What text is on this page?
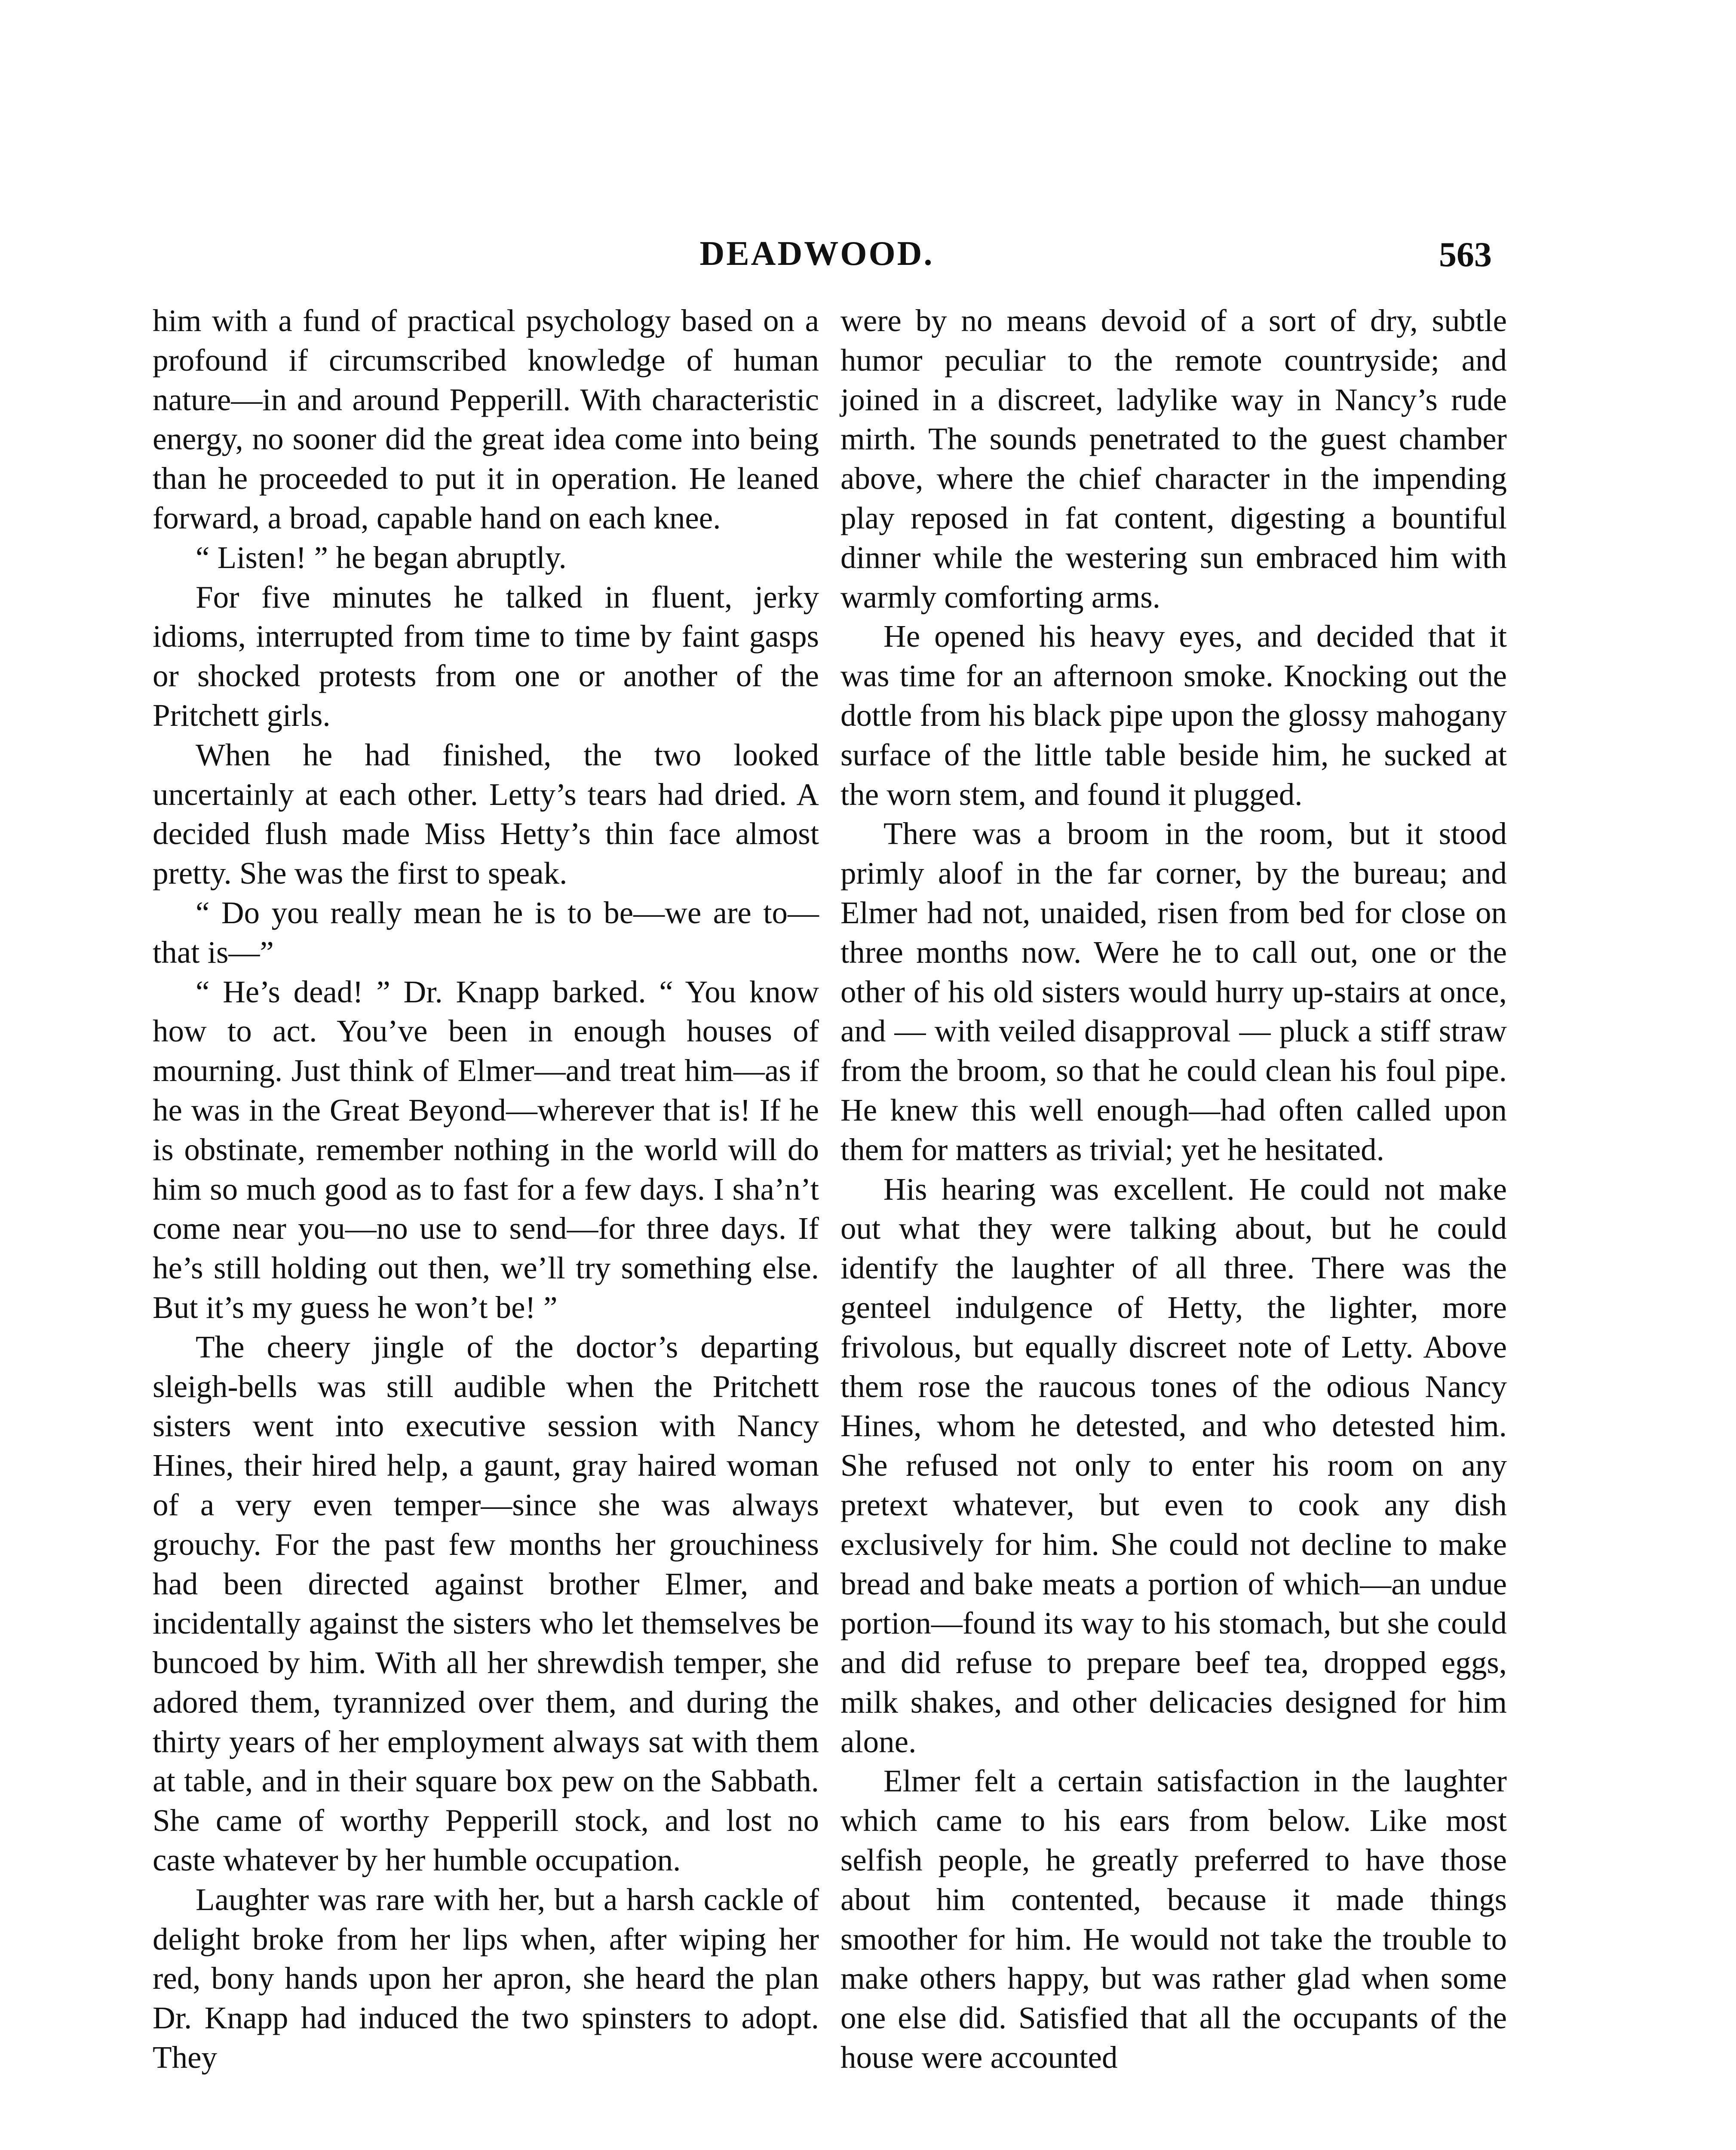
DEADWOOD.	563

him with a fund of practical psychology based on a profound if circumscribed knowledge of human nature—in and around Pepperill. With characteristic energy, no sooner did the great idea come into being than he proceeded to put it in operation. He leaned forward, a broad, capable hand on each knee.

“ Listen! ” he began abruptly.

For five minutes he talked in fluent, jerky idioms, interrupted from time to time by faint gasps or shocked protests from one or another of the Pritchett girls.

When he had finished, the two looked uncertainly at each other. Letty’s tears had dried. A decided flush made Miss Hetty’s thin face almost pretty. She was the first to speak.

“ Do you really mean he is to be—we are to—that is—”

“ He’s dead! ” Dr. Knapp barked. “ You know how to act. You’ve been in enough houses of mourning. Just think of Elmer—and treat him—as if he was in the Great Beyond—wherever that is! If he is obstinate, remember nothing in the world will do him so much good as to fast for a few days. I sha’n’t come near you—no use to send—for three days. If he’s still holding out then, we’ll try something else. But it’s my guess he won’t be! ”

The cheery jingle of the doctor’s departing sleigh-bells was still audible when the Pritchett sisters went into executive session with Nancy Hines, their hired help, a gaunt, gray haired woman of a very even temper—since she was always grouchy. For the past few months her grouchiness had been directed against brother Elmer, and incidentally against the sisters who let themselves be buncoed by him. With all her shrewdish temper, she adored them, tyrannized over them, and during the thirty years of her employment always sat with them at table, and in their square box pew on the Sabbath. She came of worthy Pepperill stock, and lost no caste whatever by her humble occupation.

Laughter was rare with her, but a harsh cackle of delight broke from her lips when, after wiping her red, bony hands upon her apron, she heard the plan Dr. Knapp had induced the two spinsters to adopt. They

were by no means devoid of a sort of dry, subtle humor peculiar to the remote countryside; and joined in a discreet, ladylike way in Nancy’s rude mirth. The sounds penetrated to the guest chamber above, where the chief character in the impending play reposed in fat content, digesting a bountiful dinner while the westering sun embraced him with warmly comforting arms.

He opened his heavy eyes, and decided that it was time for an afternoon smoke. Knocking out the dottle from his black pipe upon the glossy mahogany surface of the little table beside him, he sucked at the worn stem, and found it plugged.

There was a broom in the room, but it stood primly aloof in the far corner, by the bureau; and Elmer had not, unaided, risen from bed for close on three months now. Were he to call out, one or the other of his old sisters would hurry up-stairs at once, and — with veiled disapproval — pluck a stiff straw from the broom, so that he could clean his foul pipe. He knew this well enough—had often called upon them for matters as trivial; yet he hesitated.

His hearing was excellent. He could not make out what they were talking about, but he could identify the laughter of all three. There was the genteel indulgence of Hetty, the lighter, more frivolous, but equally discreet note of Letty. Above them rose the raucous tones of the odious Nancy Hines, whom he detested, and who detested him. She refused not only to enter his room on any pretext whatever, but even to cook any dish exclusively for him. She could not decline to make bread and bake meats a portion of which—an undue portion—found its way to his stomach, but she could and did refuse to prepare beef tea, dropped eggs, milk shakes, and other delicacies designed for him alone.

Elmer felt a certain satisfaction in the laughter which came to his ears from below. Like most selfish people, he greatly preferred to have those about him contented, because it made things smoother for him. He would not take the trouble to make others happy, but was rather glad when some one else did. Satisfied that all the occupants of the house were accounted
